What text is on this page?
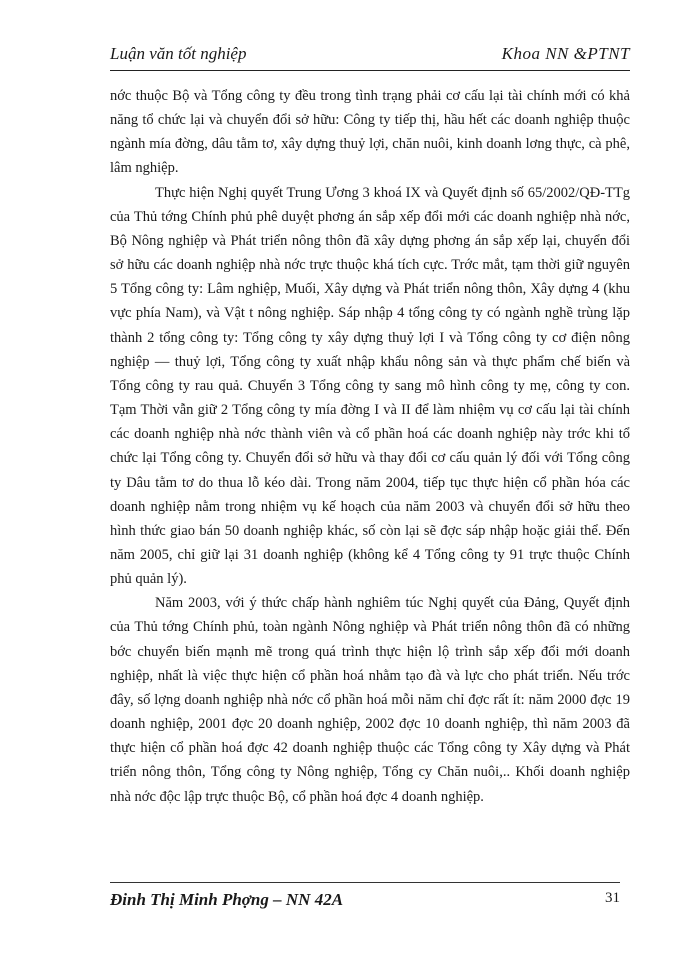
Luận văn tốt nghiệp	Khoa NN &PTNT

nớc thuộc Bộ và Tổng công ty đều trong tình trạng phải cơ cấu lại tài chính mới có khả năng tổ chức lại và chuyển đổi sở hữu: Công ty tiếp thị, hầu hết các doanh nghiệp thuộc ngành mía đờng, dâu tằm tơ, xây dựng thuỷ lợi, chăn nuôi, kinh doanh lơng thực, cà phê, lâm nghiệp.

Thực hiện Nghị quyết Trung Ương 3 khoá IX và Quyết định số 65/2002/QĐ-TTg của Thủ tớng Chính phủ phê duyệt phơng án sắp xếp đổi mới các doanh nghiệp nhà nớc, Bộ Nông nghiệp và Phát triển nông thôn đã xây dựng phơng án sắp xếp lại, chuyển đổi sở hữu các doanh nghiệp nhà nớc trực thuộc khá tích cực. Trớc mắt, tạm thời giữ nguyên 5 Tổng công ty: Lâm nghiệp, Muối, Xây dựng và Phát triển nông thôn, Xây dựng 4 (khu vực phía Nam), và Vật t nông nghiệp. Sáp nhập 4 tổng công ty có ngành nghề trùng lặp thành 2 tổng công ty: Tổng công ty xây dựng thuỷ lợi I và Tổng công ty cơ điện nông nghiệp — thuỷ lợi, Tổng công ty xuất nhập khẩu nông sản và thực phẩm chế biến và Tổng công ty rau quả. Chuyển 3 Tổng công ty sang mô hình công ty mẹ, công ty con. Tạm Thời vẫn giữ 2 Tổng công ty mía đờng I và II để làm nhiệm vụ cơ cấu lại tài chính các doanh nghiệp nhà nớc thành viên và cổ phần hoá các doanh nghiệp này trớc khi tổ chức lại Tổng công ty. Chuyển đổi sở hữu và thay đổi cơ cấu quản lý đối với Tổng công ty Dâu tằm tơ do thua lỗ kéo dài. Trong năm 2004, tiếp tục thực hiện cổ phần hóa các doanh nghiệp nằm trong nhiệm vụ kế hoạch của năm 2003 và chuyển đổi sở hữu theo hình thức giao bán 50 doanh nghiệp khác, số còn lại sẽ đợc sáp nhập hoặc giải thể. Đến năm 2005, chỉ giữ lại 31 doanh nghiệp (không kể 4 Tổng công ty 91 trực thuộc Chính phủ quản lý).

Năm 2003, với ý thức chấp hành nghiêm túc Nghị quyết của Đảng, Quyết định của Thủ tớng Chính phủ, toàn ngành Nông nghiệp và Phát triển nông thôn đã có những bớc chuyển biến mạnh mẽ trong quá trình thực hiện lộ trình sắp xếp đổi mới doanh nghiệp, nhất là việc thực hiện cổ phần hoá nhằm tạo đà và lực cho phát triển. Nếu trớc đây, số lợng doanh nghiệp nhà nớc cổ phần hoá mỗi năm chỉ đợc rất ít: năm 2000 đợc 19 doanh nghiệp, 2001 đợc 20 doanh nghiệp, 2002 đợc 10 doanh nghiệp, thì năm 2003 đã thực hiện cổ phần hoá đợc 42 doanh nghiệp thuộc các Tổng công ty Xây dựng và Phát triển nông thôn, Tổng công ty Nông nghiệp, Tổng cy Chăn nuôi,.. Khối doanh nghiệp nhà nớc độc lập trực thuộc Bộ, cổ phần hoá đợc 4 doanh nghiệp.

Đinh Thị Minh Phợng – NN 42A	31
